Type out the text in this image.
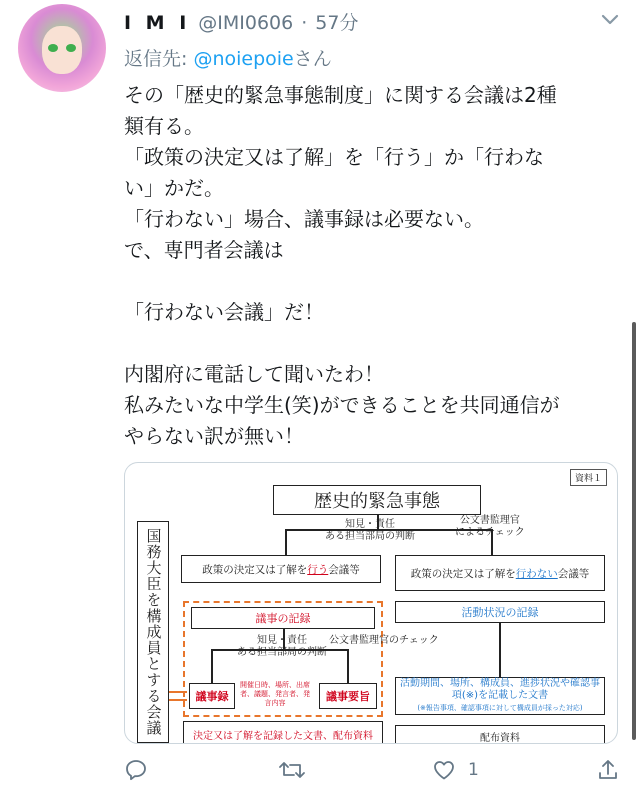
I M I @IMI0606 · 57分
返信先: @noiepoieさん

その「歴史的緊急事態制度」に関する会議は2種

類有る。

「政策の決定又は了解」を「行う」か「行わな

い」かだ。

「行わない」場合、議事録は必要ない。

で、専門者会議は

「行わない会議」だ！

内閣府に電話して聞いたわ！

私みたいな中学生(笑)ができることを共同通信が

やらない訳が無い！

資料１
歴史的緊急事態
知見・責任
ある担当部局の判断
公文書監理官
によるチェック
国務大臣を構成員とする会議	政策の決定又は了解を 行う 会議等	政策の決定又は了解を 行わない 会議等
議事の記録	活動状況の記録
知見・責任
ある担当部局の判断
公文書監理官のチェック
議事録
開催日時、場所、出席者、議題、発言者、発言内容	議事要旨
活動期間、場所、構成員、進捗状況や確認事項(※)を記載した文書
(※報告事項、確認事項に対して構成員が採った対応)
決定又は了解を記録した文書、配布資料	配布資料
1
